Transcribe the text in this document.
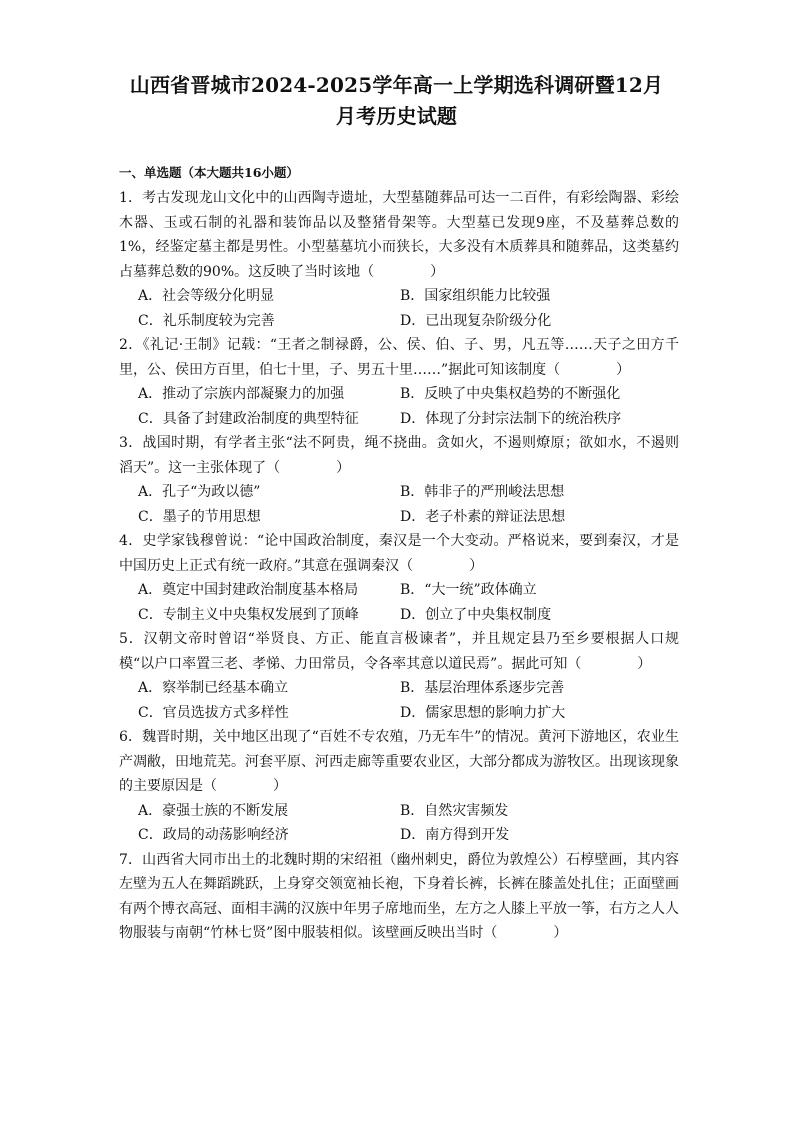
山西省晋城市2024-2025学年高一上学期选科调研暨12月
月考历史试题
一、单选题（本大题共16小题）
1．考古发现龙山文化中的山西陶寺遗址，大型墓随葬品可达一二百件，有彩绘陶器、彩绘木器、玉或石制的礼器和装饰品以及整猪骨架等。大型墓已发现9座，不及墓葬总数的1%，经鉴定墓主都是男性。小型墓墓坑小而狭长，大多没有木质葬具和随葬品，这类墓约占墓葬总数的90%。这反映了当时该地（　　　　）
A．社会等级分化明显	B．国家组织能力比较强
C．礼乐制度较为完善	D．已出现复杂阶级分化
2．《礼记·王制》记载：“王者之制禄爵，公、侯、伯、子、男，凡五等……天子之田方千里，公、侯田方百里，伯七十里，子、男五十里……”据此可知该制度（　　　　）
A．推动了宗族内部凝聚力的加强	B．反映了中央集权趋势的不断强化
C．具备了封建政治制度的典型特征	D．体现了分封宗法制下的统治秩序
3．战国时期，有学者主张“法不阿贵，绳不挠曲。贪如火，不遏则燎原；欲如水，不遏则滔天”。这一主张体现了（　　　　）
A．孔子“为政以德”	B．韩非子的严刑峻法思想
C．墨子的节用思想	D．老子朴素的辩证法思想
4．史学家钱穆曾说：“论中国政治制度，秦汉是一个大变动。严格说来，要到秦汉，才是中国历史上正式有统一政府。”其意在强调秦汉（　　　　）
A．奠定中国封建政治制度基本格局	B．“大一统”政体确立
C．专制主义中央集权发展到了顶峰	D．创立了中央集权制度
5．汉朝文帝时曾诏“举贤良、方正、能直言极谏者”，并且规定县乃至乡要根据人口规模“以户口率置三老、孝悌、力田常员，令各率其意以道民焉”。据此可知（　　　　）
A．察举制已经基本确立	B．基层治理体系逐步完善
C．官员选拔方式多样性	D．儒家思想的影响力扩大
6．魏晋时期，关中地区出现了“百姓不专农殖，乃无车牛”的情况。黄河下游地区，农业生产凋敝，田地荒芜。河套平原、河西走廊等重要农业区，大部分都成为游牧区。出现该现象的主要原因是（　　　　）
A．豪强士族的不断发展	B．自然灾害频发
C．政局的动荡影响经济	D．南方得到开发
7．山西省大同市出土的北魏时期的宋绍祖（幽州刺史，爵位为敦煌公）石椁壁画，其内容左壁为五人在舞蹈跳跃，上身穿交领宽袖长袍，下身着长裤，长裤在膝盖处扎住；正面壁画有两个博衣高冠、面相丰满的汉族中年男子席地而坐，左方之人膝上平放一筝，右方之人人物服装与南朝“竹林七贤”图中服装相似。该壁画反映出当时（　　　　）
